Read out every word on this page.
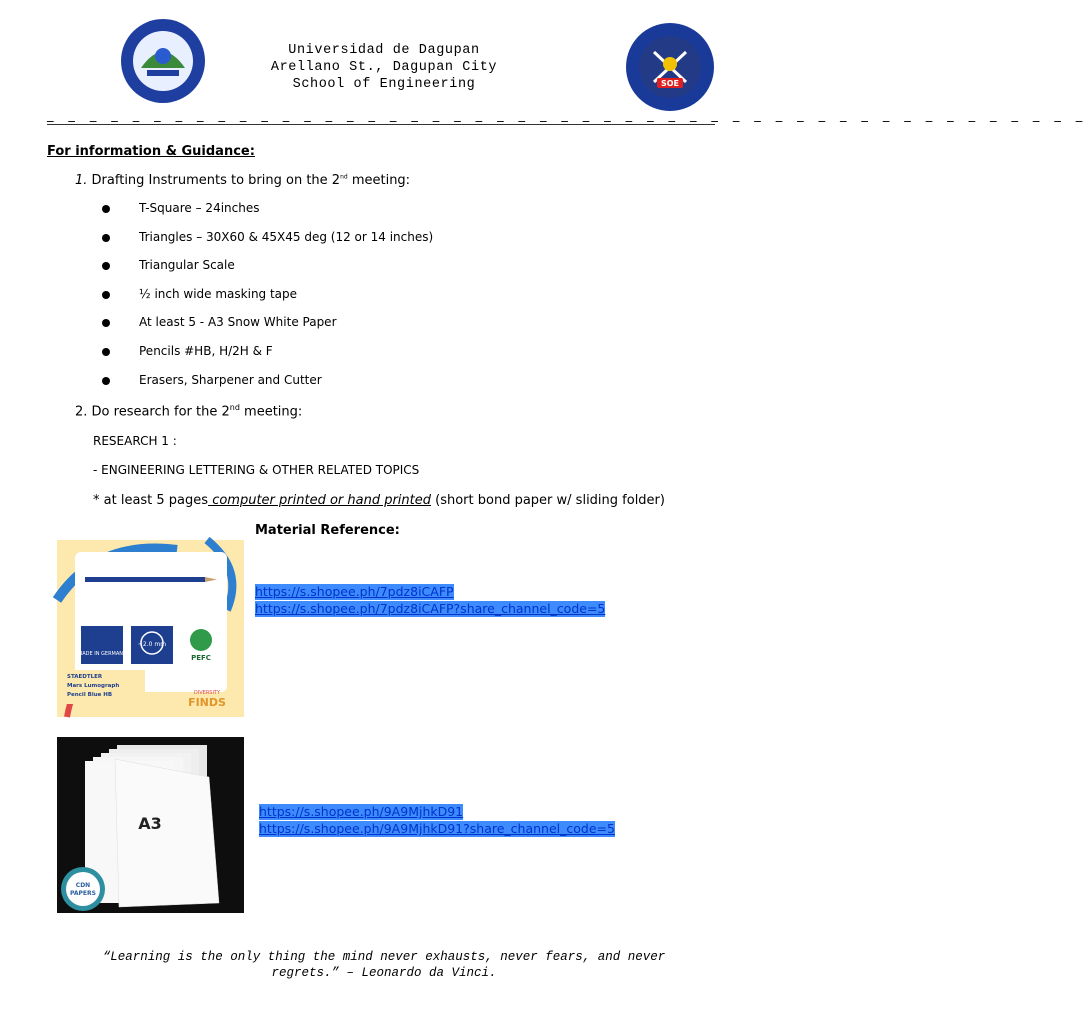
SOE
Universidad de Dagupan
Arellano St., Dagupan City
School of Engineering
_ _ _ _ _ _ _ _ _ _ _ _ _ _ _ _ _ _ _ _ _ _ _ _ _ _ _ _ _ _ _ _ _ _ _ _ _ _ _ _ _ _ _ _ _ _ _ _ _
For information & Guidance:
1. Drafting Instruments to bring on the 2nd meeting:
T-Square – 24inches
Triangles – 30X60 & 45X45 deg (12 or 14 inches)
Triangular Scale
½ inch wide masking tape
At least 5 - A3 Snow White Paper
Pencils #HB, H/2H & F
Erasers, Sharpener and Cutter
2. Do research for the 2nd meeting:
RESEARCH 1 :
- ENGINEERING LETTERING & OTHER RELATED TOPICS
* at least 5 pages computer printed or hand printed (short bond paper w/ sliding folder)
Material Reference:
MADE IN GERMANY
~2.0 mm
PEFC
STAEDTLER
Mars Lumograph
Pencil Blue HB	DIVERSITY
FINDS
https://s.shopee.ph/7pdz8iCAFP
https://s.shopee.ph/7pdz8iCAFP?share_channel_code=5
A3
CDN
PAPERS
https://s.shopee.ph/9A9MjhkD91
https://s.shopee.ph/9A9MjhkD91?share_channel_code=5
“Learning is the only thing the mind never exhausts, never fears, and never
regrets.” – Leonardo da Vinci.
